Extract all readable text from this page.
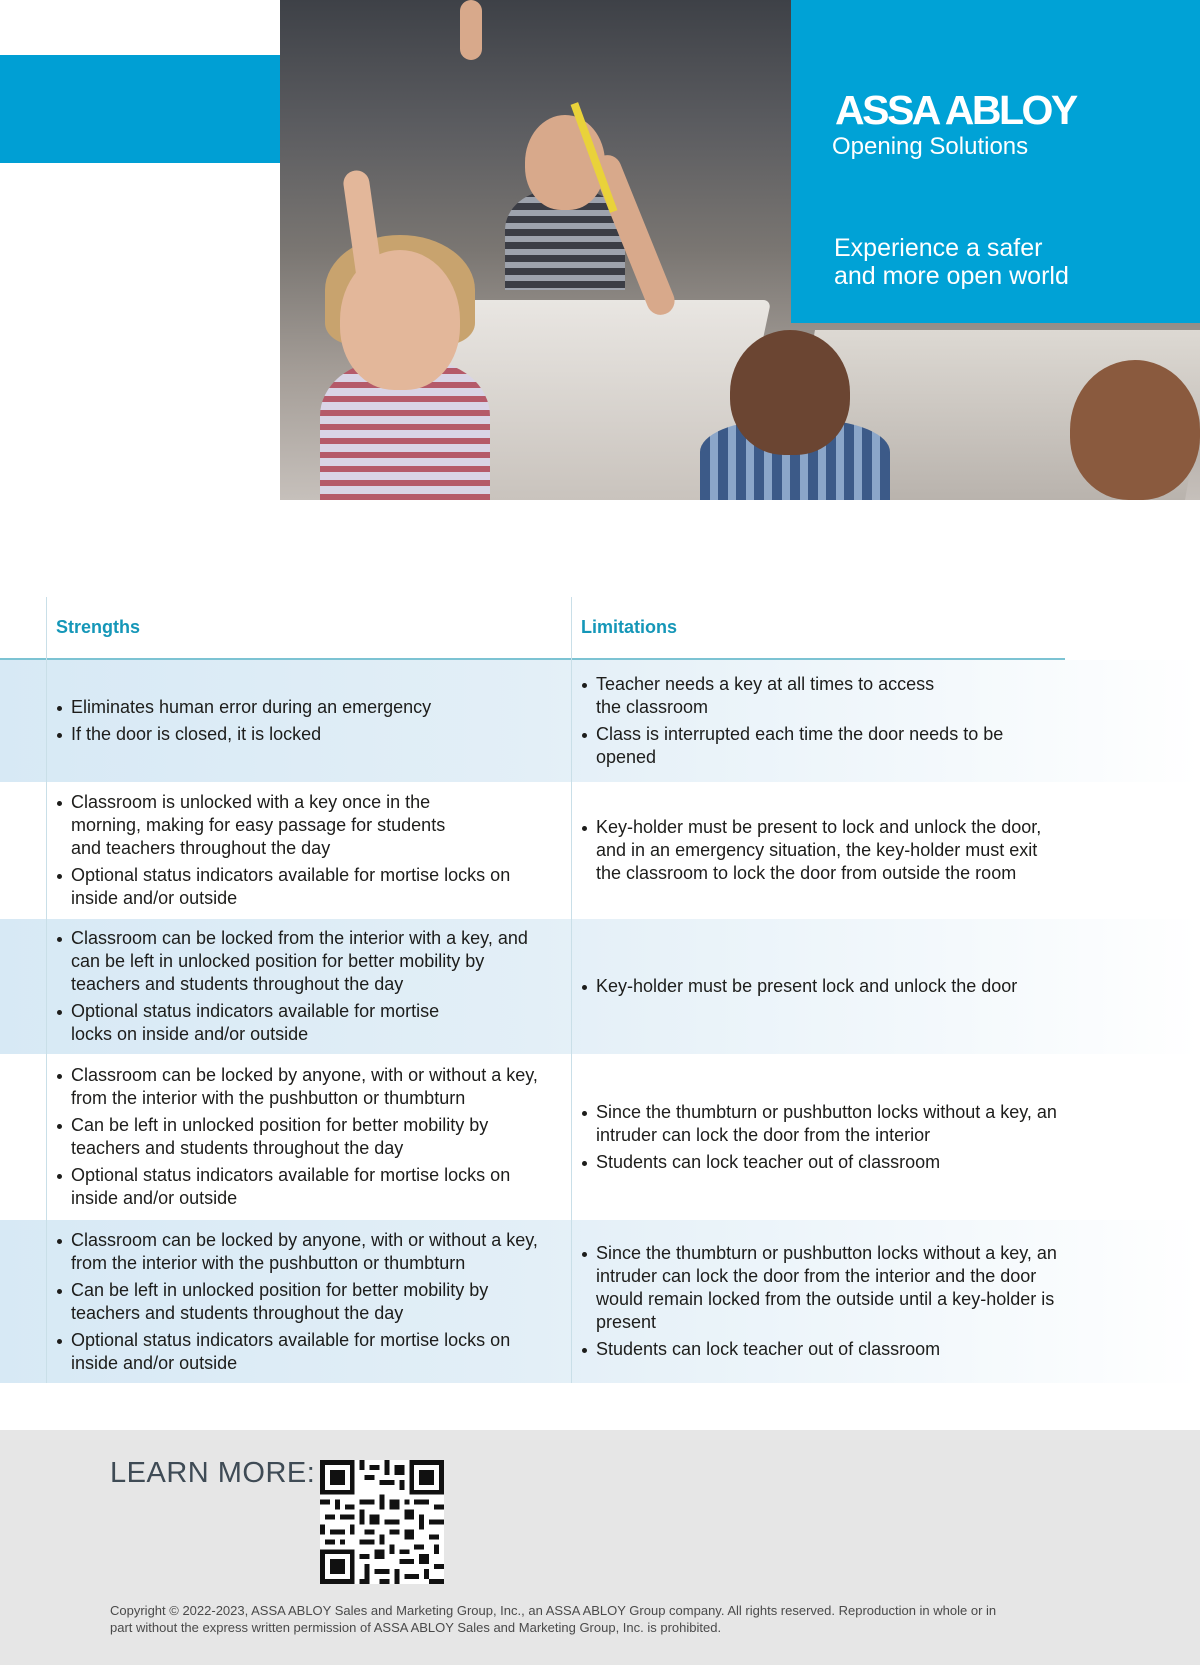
ASSA ABLOY

Opening Solutions

Experience a safer
and more open world

Strengths	Limitations

Eliminates human error during an emergency
If the door is closed, it is locked
Teacher needs a key at all times to access the classroom
Class is interrupted each time the door needs to be opened
Classroom is unlocked with a key once in the morning, making for easy passage for students and teachers throughout the day
Optional status indicators available for mortise locks on inside and/or outside
Key-holder must be present to lock and unlock the door, and in an emergency situation, the key-holder must exit the classroom to lock the door from outside the room
Classroom can be locked from the interior with a key, and can be left in unlocked position for better mobility by teachers and students throughout the day
Optional status indicators available for mortise locks on inside and/or outside
Key-holder must be present lock and unlock the door
Classroom can be locked by anyone, with or without a key, from the interior with the pushbutton or thumbturn
Can be left in unlocked position for better mobility by teachers and students throughout the day
Optional status indicators available for mortise locks on inside and/or outside
Since the thumbturn or pushbutton locks without a key, an intruder can lock the door from the interior
Students can lock teacher out of classroom
Classroom can be locked by anyone, with or without a key, from the interior with the pushbutton or thumbturn
Can be left in unlocked position for better mobility by teachers and students throughout the day
Optional status indicators available for mortise locks on inside and/or outside
Since the thumbturn or pushbutton locks without a key, an intruder can lock the door from the interior and the door would remain locked from the outside until a key-holder is present
Students can lock teacher out of classroom

LEARN MORE:

Copyright © 2022-2023, ASSA ABLOY Sales and Marketing Group, Inc., an ASSA ABLOY Group company. All rights reserved. Reproduction in whole or in part without the express written permission of ASSA ABLOY Sales and Marketing Group, Inc. is prohibited.
